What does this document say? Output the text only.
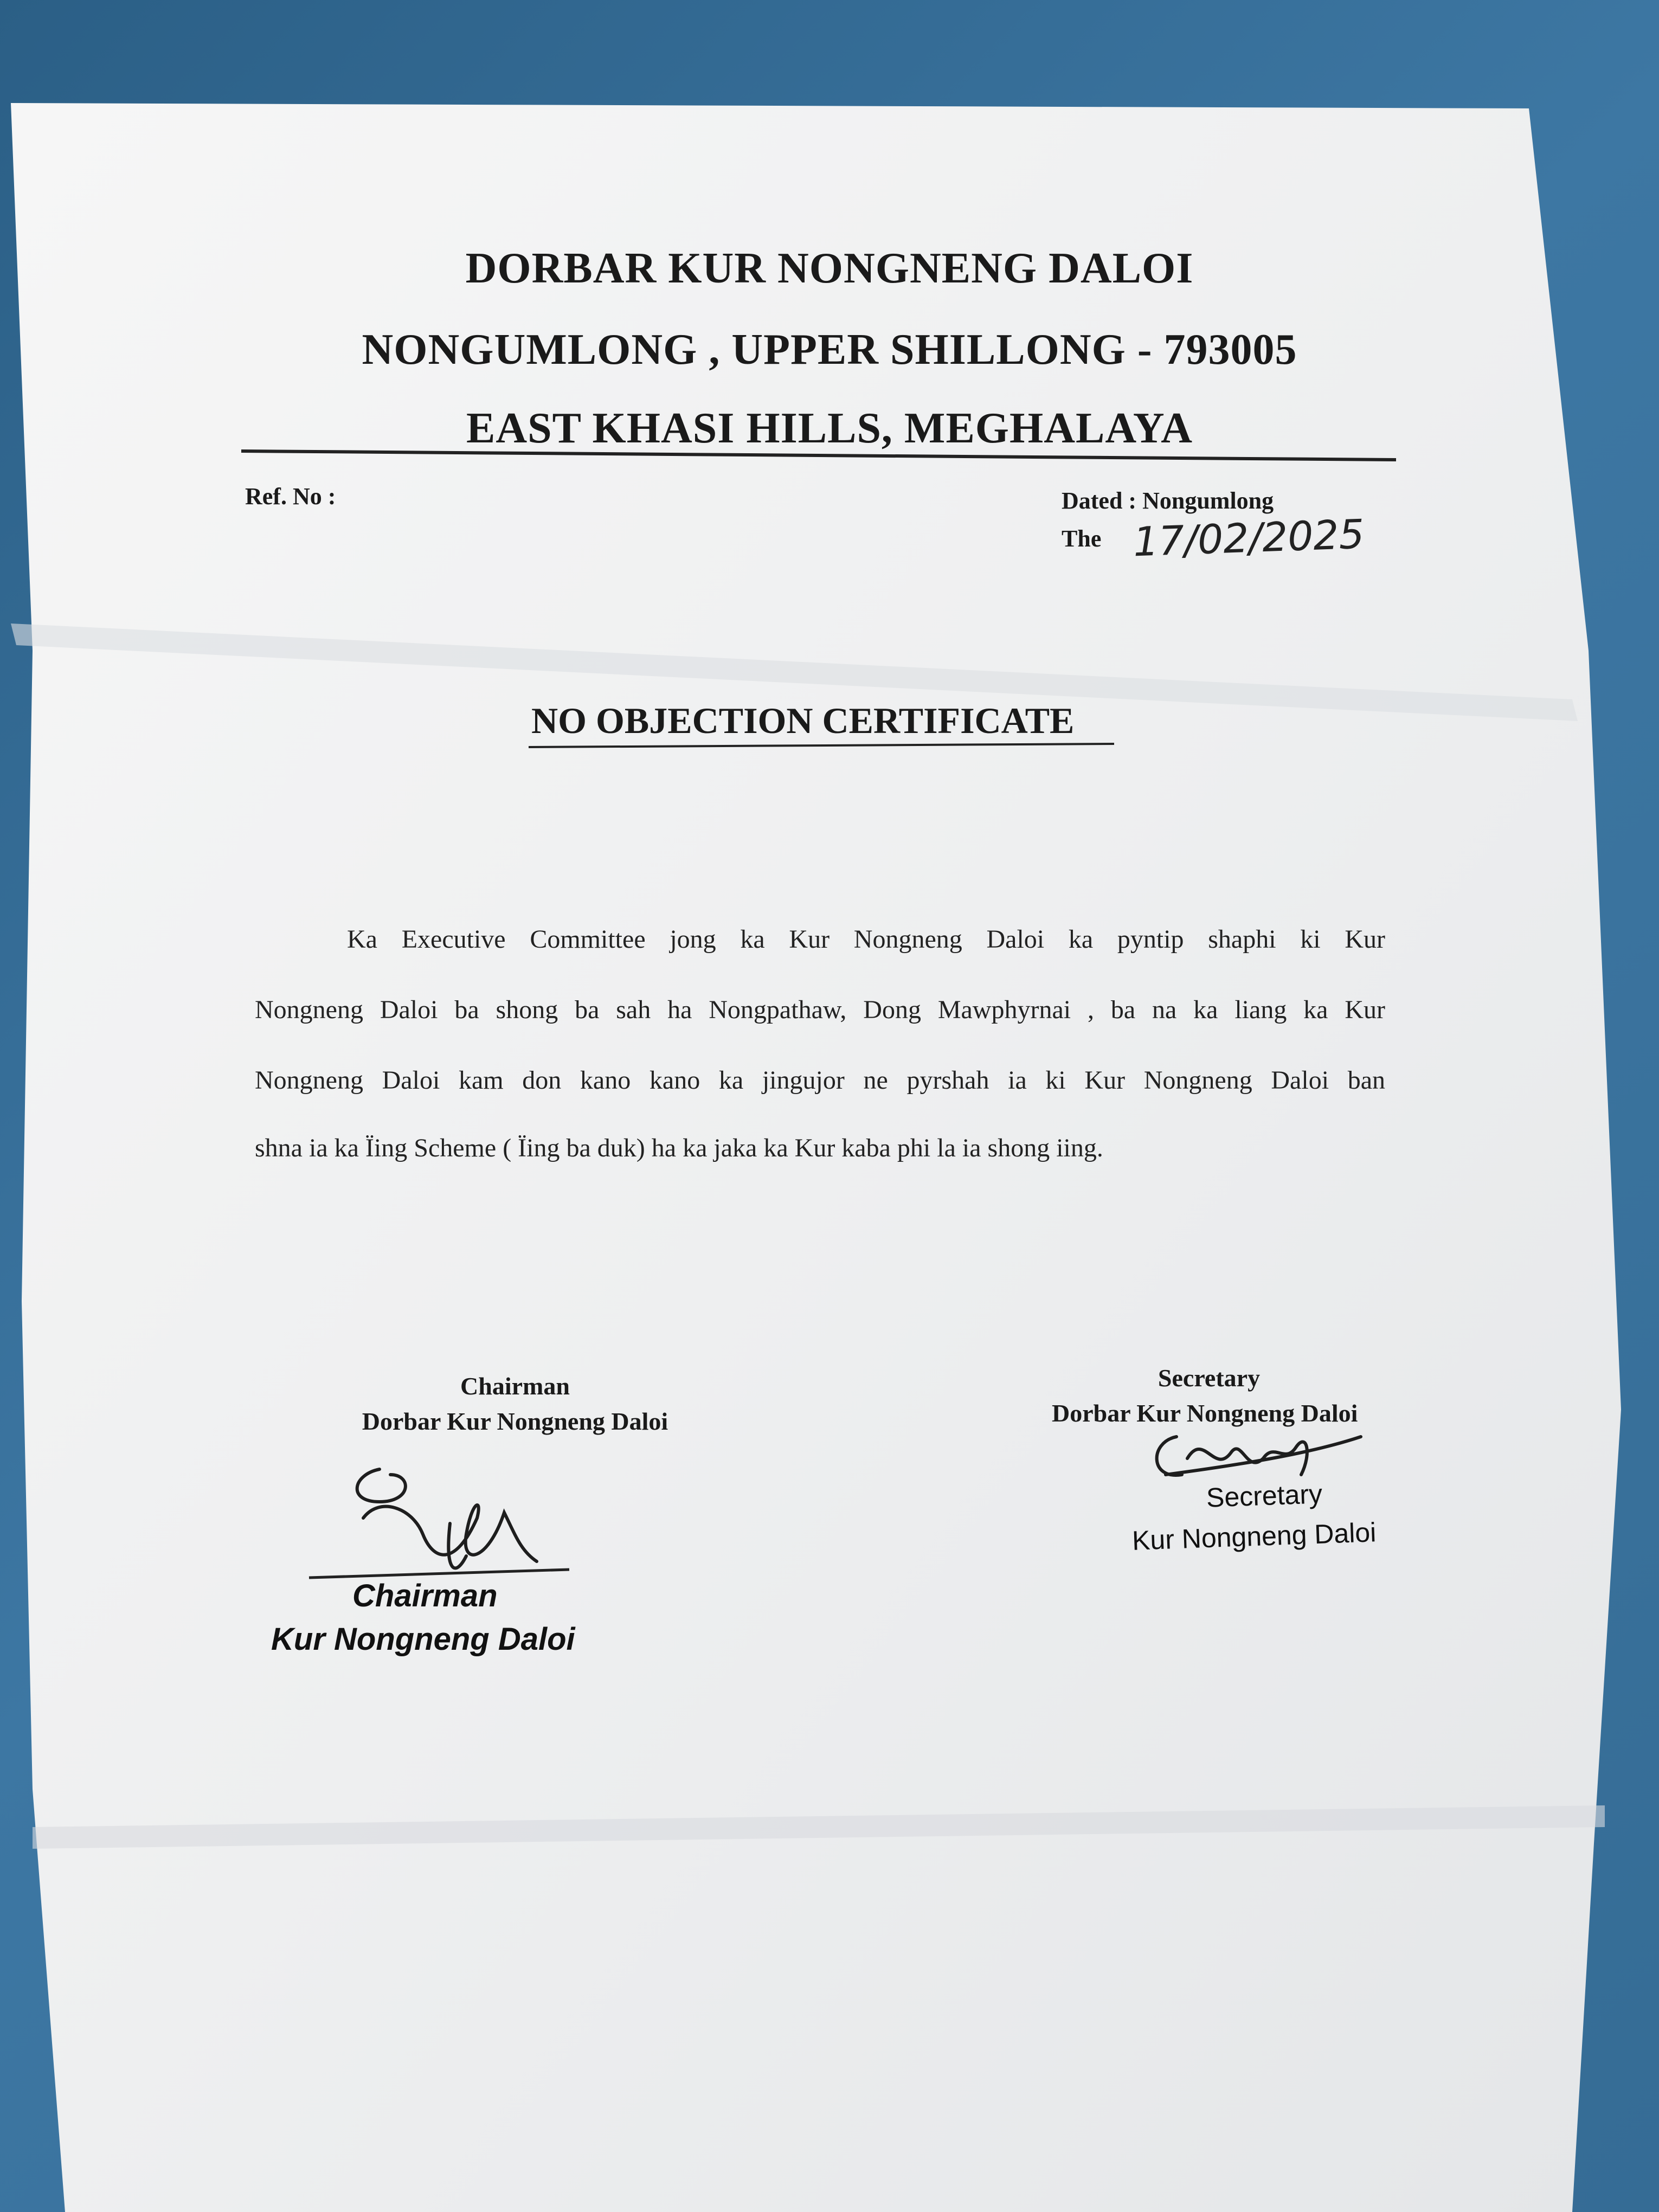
DORBAR KUR NONGNENG DALOI
NONGUMLONG , UPPER SHILLONG - 793005
EAST KHASI HILLS, MEGHALAYA
Ref. No :	Dated : Nongumlong
The 17/02/2025
NO OBJECTION CERTIFICATE
Ka Executive Committee jong ka Kur Nongneng Daloi ka pyntip shaphi ki Kur
Nongneng Daloi ba shong ba sah ha Nongpathaw, Dong Mawphyrnai , ba na ka liang ka Kur
Nongneng Daloi kam don kano kano ka jingujor ne pyrshah ia ki Kur Nongneng Daloi ban
shna ia ka Ïing Scheme ( Ïing ba duk) ha ka jaka ka Kur kaba phi la ia shong iing.
Chairman
Dorbar Kur Nongneng Daloi
Chairman
Kur Nongneng Daloi
Secretary
Dorbar Kur Nongneng Daloi
Secretary
Kur Nongneng Daloi
